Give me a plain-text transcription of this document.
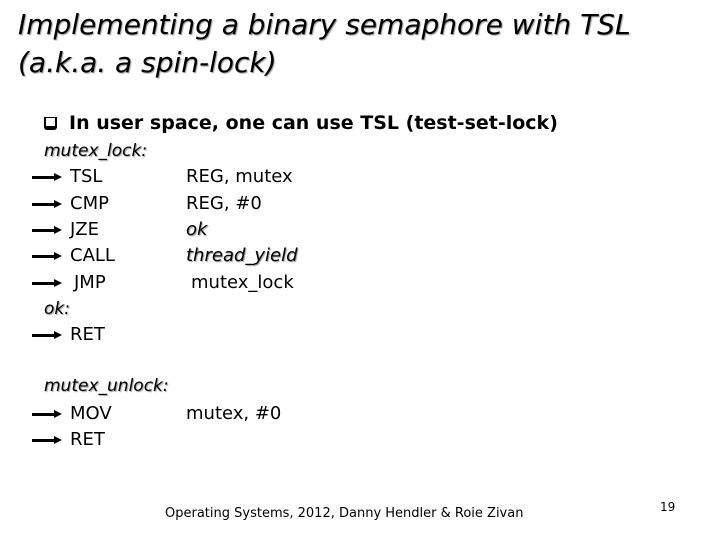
Implementing a binary semaphore with TSL
(a.k.a. a spin-lock)
In user space, one can use TSL (test-set-lock)
mutex_lock:
TSL	REG, mutex
CMP	REG, #0
JZE	ok
CALL	thread_yield
JMP	mutex_lock
ok:
RET
mutex_unlock:
MOV	mutex, #0
RET
Operating Systems, 2012, Danny Hendler & Roie Zivan	19
